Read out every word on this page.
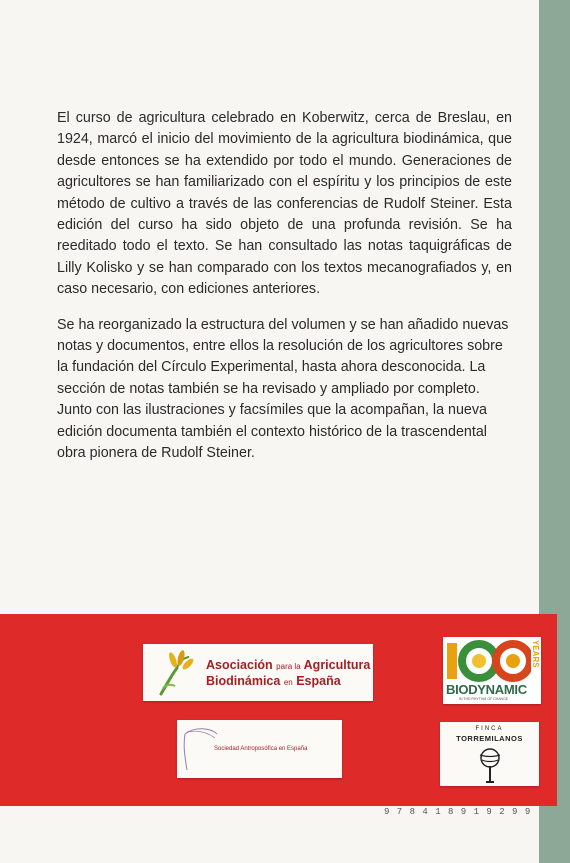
El curso de agricultura celebrado en Koberwitz, cerca de Breslau, en 1924, marcó el inicio del movimiento de la agricultura biodinámica, que desde entonces se ha extendido por todo el mundo. Generaciones de agricultores se han familiarizado con el espíritu y los principios de este método de cultivo a través de las conferencias de Rudolf Steiner. Esta edición del curso ha sido objeto de una profunda revisión. Se ha reeditado todo el texto. Se han consultado las notas taquigráficas de Lilly Kolisko y se han comparado con los textos mecanografiados y, en caso necesario, con ediciones anteriores.

Se ha reorganizado la estructura del volumen y se han añadido nuevas notas y documentos, entre ellos la resolución de los agricultores sobre la fundación del Círculo Experimental, hasta ahora desconocida. La sección de notas también se ha revisado y ampliado por completo. Junto con las ilustraciones y facsímiles que la acompañan, la nueva edición documenta también el contexto histórico de la trascendental obra pionera de Rudolf Steiner.

Asociación para la Agricultura
Biodinámica en España
Sociedad Antroposófica en España
YEARS
BIODYNAMIC
IN THE RHYTHM OF CHANGE
FINCA
TORREMILANOS
9 7 8 4 1 8 9 1 9 2 9 9
